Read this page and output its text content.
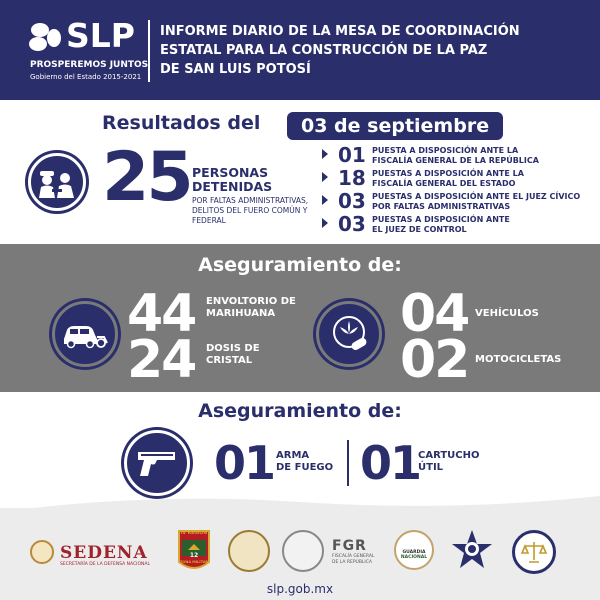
SLP
PROSPEREMOS JUNTOS
Gobierno del Estado 2015-2021
INFORME DIARIO DE LA MESA DE COORDINACIÓN
ESTATAL PARA LA CONSTRUCCIÓN DE LA PAZ
DE SAN LUIS POTOSÍ
Resultados del	03 de septiembre
25 PERSONAS
DETENIDAS
POR FALTAS ADMINISTRATIVAS, DELITOS DEL FUERO COMÚN Y FEDERAL
01 PUESTA A DISPOSICIÓN ANTE LA
FISCALÍA GENERAL DE LA REPÚBLICA
18 PUESTAS A DISPOSICIÓN ANTE LA
FISCALÍA GENERAL DEL ESTADO
03 PUESTAS A DISPOSICIÓN ANTE EL JUEZ CÍVICO
POR FALTAS ADMINISTRATIVAS
03 PUESTAS A DISPOSICIÓN ANTE
EL JUEZ DE CONTROL
Aseguramiento de:
44 ENVOLTORIO DE
MARIHUANA
24 DOSIS DE
CRISTAL
04 VEHÍCULOS
02 MOTOCICLETAS
Aseguramiento de:
01 ARMA
DE FUEGO 01
CARTUCHO
ÚTIL
SEDENA
SECRETARÍA DE LA DEFENSA NACIONAL
IV REGIÓN
12
ZONA MILITAR
FGR
FISCALÍA GENERAL
DE LA REPÚBLICA
GUARDIA
NACIONAL
slp.gob.mx
